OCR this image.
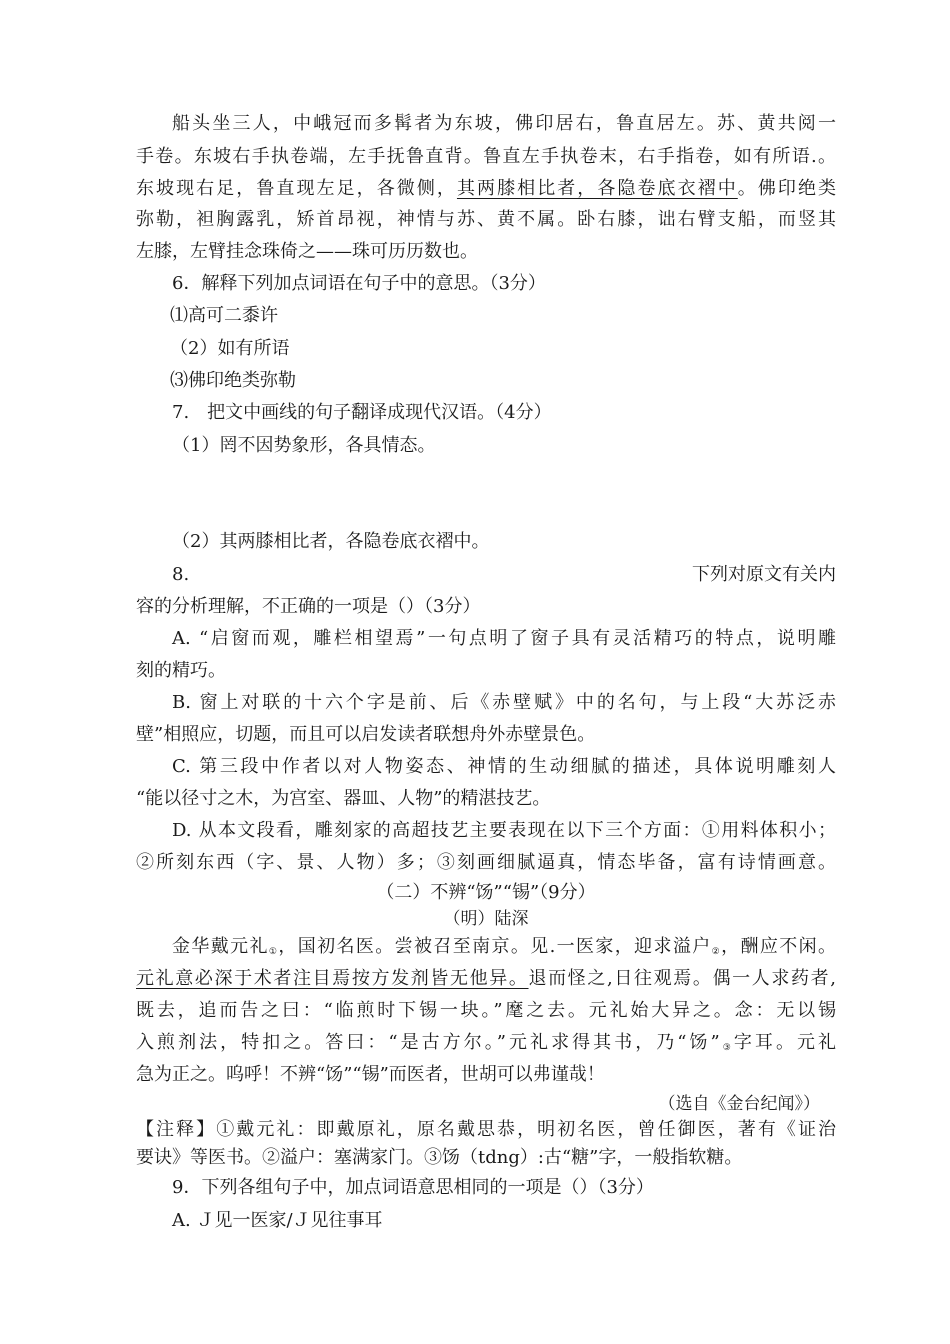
船头坐三人，中峨冠而多髯者为东坡，佛印居右，鲁直居左。苏、黄共阅一
手卷。东坡右手执卷端，左手抚鲁直背。鲁直左手执卷末，右手指卷，如有所语.。
东坡现右足，鲁直现左足，各微侧，其两膝相比者，各隐卷底衣褶中。佛印绝类
弥勒，袒胸露乳，矫首昂视，神情与苏、黄不属。卧右膝，诎右臂支船，而竖其
左膝，左臂挂念珠倚之——珠可历历数也。
6．解释下列加点词语在句子中的意思。（3分）
⑴高可二黍许
（2）如有所语
⑶佛印绝类弥勒
7.　把文中画线的句子翻译成现代汉语。（4分）
（1）罔不因势象形，各具情态。
（2）其两膝相比者，各隐卷底衣褶中。
8.	下列对原文有关内
容的分析理解，不正确的一项是（）（3分）
A. “启窗而观，雕栏相望焉”一句点明了窗子具有灵活精巧的特点，说明雕
刻的精巧。
B. 窗上对联的十六个字是前、后《赤壁赋》中的名句，与上段“大苏泛赤
壁”相照应，切题，而且可以启发读者联想舟外赤壁景色。
C. 第三段中作者以对人物姿态、神情的生动细腻的描述，具体说明雕刻人
“能以径寸之木，为宫室、器皿、人物”的精湛技艺。
D. 从本文段看，雕刻家的高超技艺主要表现在以下三个方面：①用料体积小；
②所刻东西（字、景、人物）多；③刻画细腻逼真，情态毕备，富有诗情画意。
（二）不辨“饧”“锡”（9分）
（明）陆深
金华戴元礼$_①$，国初名医。尝被召至南京。见.一医家，迎求溢户$_②$，酬应不闲。
元礼意必深于术者注目焉按方发剂皆无他异。退而怪之,日往观焉。偶一人求药者,
既去，追而告之曰：“临煎时下锡一块。”麾之去。元礼始大异之。念：无以锡
入煎剂法，特扣之。答曰：“是古方尔。”元礼求得其书，乃“饧$”_③$字耳。元礼
急为正之。呜呼！不辨“饧”“锡”而医者，世胡可以弗谨哉！
（选自《金台纪闻》）
【注释】①戴元礼：即戴原礼，原名戴思恭，明初名医，曾任御医，著有《证治
要诀》等医书。②溢户：塞满家门。③饧（tdng）:古“糖”字，一般指软糖。
9．下列各组句子中，加点词语意思相同的一项是（）（3分）
A. Ｊ见一医家/Ｊ见往事耳
